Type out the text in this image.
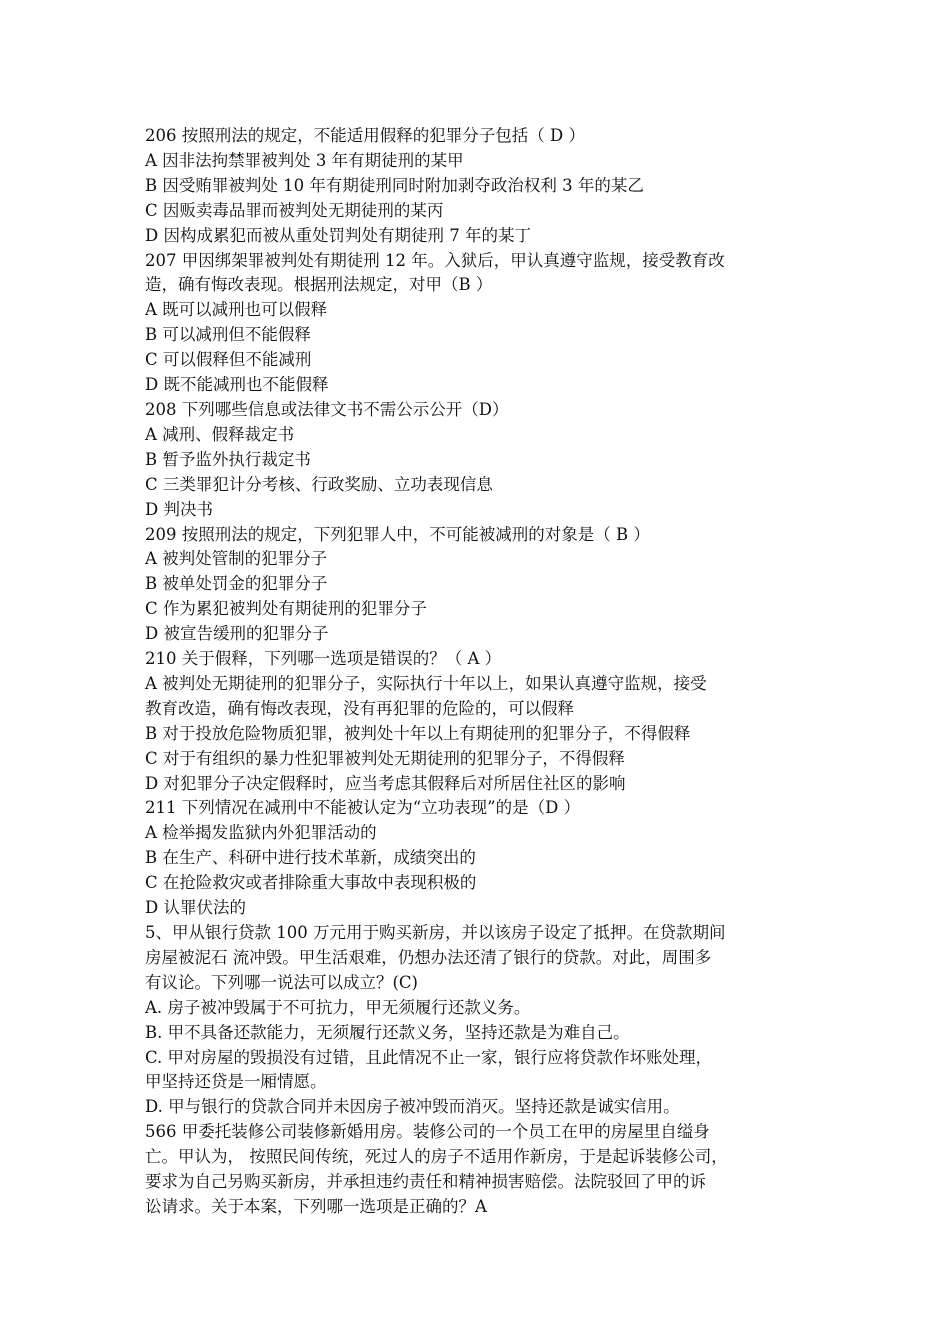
206 按照刑法的规定，不能适用假释的犯罪分子包括（ D ）
A 因非法拘禁罪被判处 3 年有期徒刑的某甲
B 因受贿罪被判处 10 年有期徒刑同时附加剥夺政治权利 3 年的某乙
C 因贩卖毒品罪而被判处无期徒刑的某丙
D 因构成累犯而被从重处罚判处有期徒刑 7 年的某丁
207 甲因绑架罪被判处有期徒刑 12 年。入狱后，甲认真遵守监规，接受教育改
造，确有悔改表现。根据刑法规定，对甲（B ）
A 既可以减刑也可以假释
B 可以减刑但不能假释
C 可以假释但不能减刑
D 既不能减刑也不能假释
208 下列哪些信息或法律文书不需公示公开（D）
A 减刑、假释裁定书
B 暂予监外执行裁定书
C 三类罪犯计分考核、行政奖励、立功表现信息
D 判决书
209 按照刑法的规定，下列犯罪人中，不可能被减刑的对象是（ B ）
A 被判处管制的犯罪分子
B 被单处罚金的犯罪分子
C 作为累犯被判处有期徒刑的犯罪分子
D 被宣告缓刑的犯罪分子
210 关于假释，下列哪一选项是错误的？（ A ）
A 被判处无期徒刑的犯罪分子，实际执行十年以上，如果认真遵守监规，接受
教育改造，确有悔改表现，没有再犯罪的危险的，可以假释
B 对于投放危险物质犯罪，被判处十年以上有期徒刑的犯罪分子，不得假释
C 对于有组织的暴力性犯罪被判处无期徒刑的犯罪分子，不得假释
D 对犯罪分子决定假释时，应当考虑其假释后对所居住社区的影响
211 下列情况在减刑中不能被认定为“立功表现”的是（D ）
A 检举揭发监狱内外犯罪活动的
B 在生产、科研中进行技术革新，成绩突出的
C 在抢险救灾或者排除重大事故中表现积极的
D 认罪伏法的
5、甲从银行贷款 100 万元用于购买新房，并以该房子设定了抵押。在贷款期间
房屋被泥石 流冲毁。甲生活艰难，仍想办法还清了银行的贷款。对此，周围多
有议论。下列哪一说法可以成立？(C)
A. 房子被冲毁属于不可抗力，甲无须履行还款义务。
B. 甲不具备还款能力，无须履行还款义务，坚持还款是为难自己。
C. 甲对房屋的毁损没有过错，且此情况不止一家，银行应将贷款作坏账处理，
甲坚持还贷是一厢情愿。
D. 甲与银行的贷款合同并未因房子被冲毁而消灭。坚持还款是诚实信用。
566 甲委托装修公司装修新婚用房。装修公司的一个员工在甲的房屋里自缢身
亡。甲认为， 按照民间传统，死过人的房子不适用作新房，于是起诉装修公司，
要求为自己另购买新房，并承担违约责任和精神损害赔偿。法院驳回了甲的诉
讼请求。关于本案，下列哪一选项是正确的？A
